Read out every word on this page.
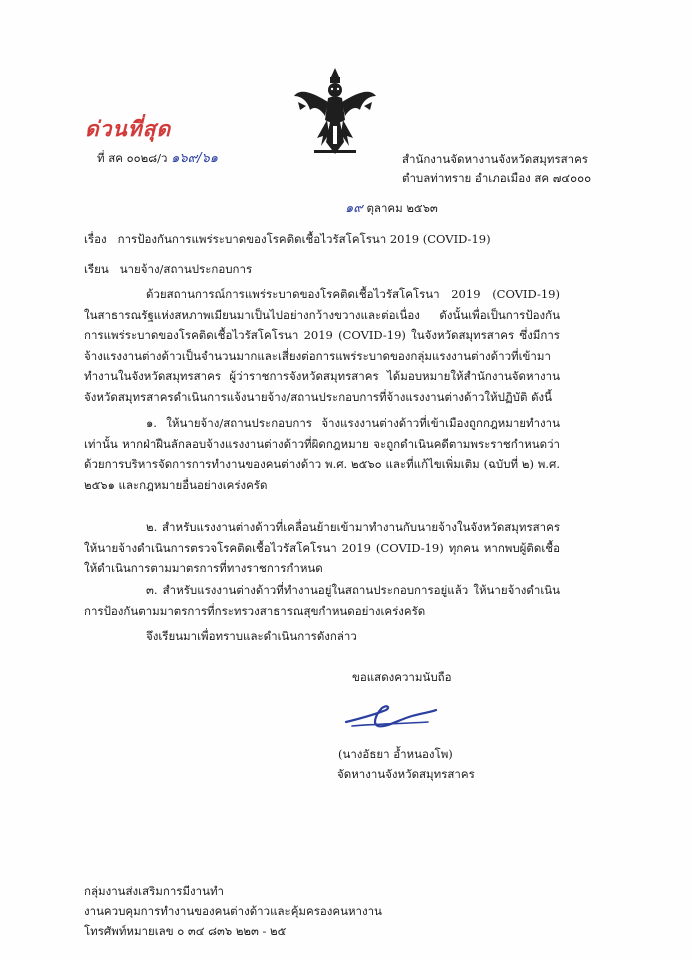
ด่วนที่สุด
ที่ สค ๐๐๒๘/ว ๑๖๙/๖๑	สำนักงานจัดหางานจังหวัดสมุทรสาคร
ตำบลท่าทราย อำเภอเมือง สค ๗๔๐๐๐
๑๙ ตุลาคม ๒๕๖๓
เรื่อง การป้องกันการแพร่ระบาดของโรคติดเชื้อไวรัสโคโรนา 2019 (COVID-19)
เรียน นายจ้าง/สถานประกอบการ
ด้วยสถานการณ์การแพร่ระบาดของโรคติดเชื้อไวรัสโคโรนา 2019 (COVID-19) ในสาธารณรัฐแห่งสหภาพเมียนมาเป็นไปอย่างกว้างขวางและต่อเนื่อง ดังนั้นเพื่อเป็นการป้องกันการแพร่ระบาดของโรคติดเชื้อไวรัสโคโรนา 2019 (COVID-19) ในจังหวัดสมุทรสาคร ซึ่งมีการจ้างแรงงานต่างด้าวเป็นจำนวนมากและเสี่ยงต่อการแพร่ระบาดของกลุ่มแรงงานต่างด้าวที่เข้ามาทำงานในจังหวัดสมุทรสาคร ผู้ว่าราชการจังหวัดสมุทรสาคร ได้มอบหมายให้สำนักงานจัดหางานจังหวัดสมุทรสาครดำเนินการแจ้งนายจ้าง/สถานประกอบการที่จ้างแรงงานต่างด้าวให้ปฏิบัติ ดังนี้
๑. ให้นายจ้าง/สถานประกอบการ จ้างแรงงานต่างด้าวที่เข้าเมืองถูกกฎหมายทำงานเท่านั้น หากฝ่าฝืนลักลอบจ้างแรงงานต่างด้าวที่ผิดกฎหมาย จะถูกดำเนินคดีตามพระราชกำหนดว่าด้วยการบริหารจัดการการทำงานของคนต่างด้าว พ.ศ. ๒๕๖๐ และที่แก้ไขเพิ่มเติม (ฉบับที่ ๒) พ.ศ. ๒๕๖๑ และกฎหมายอื่นอย่างเคร่งครัด
๒. สำหรับแรงงานต่างด้าวที่เคลื่อนย้ายเข้ามาทำงานกับนายจ้างในจังหวัดสมุทรสาคร ให้นายจ้างดำเนินการตรวจโรคติดเชื้อไวรัสโคโรนา 2019 (COVID-19) ทุกคน หากพบผู้ติดเชื้อให้ดำเนินการตามมาตรการที่ทางราชการกำหนด
๓. สำหรับแรงงานต่างด้าวที่ทำงานอยู่ในสถานประกอบการอยู่แล้ว ให้นายจ้างดำเนินการป้องกันตามมาตรการที่กระทรวงสาธารณสุขกำหนดอย่างเคร่งครัด
จึงเรียนมาเพื่อทราบและดำเนินการดังกล่าว
ขอแสดงความนับถือ
(นางอัธยา อ้ำหนองโพ)
จัดหางานจังหวัดสมุทรสาคร
กลุ่มงานส่งเสริมการมีงานทำ
งานควบคุมการทำงานของคนต่างด้าวและคุ้มครองคนหางาน
โทรศัพท์หมายเลข ๐ ๓๔ ๘๓๖ ๒๒๓ - ๒๕
